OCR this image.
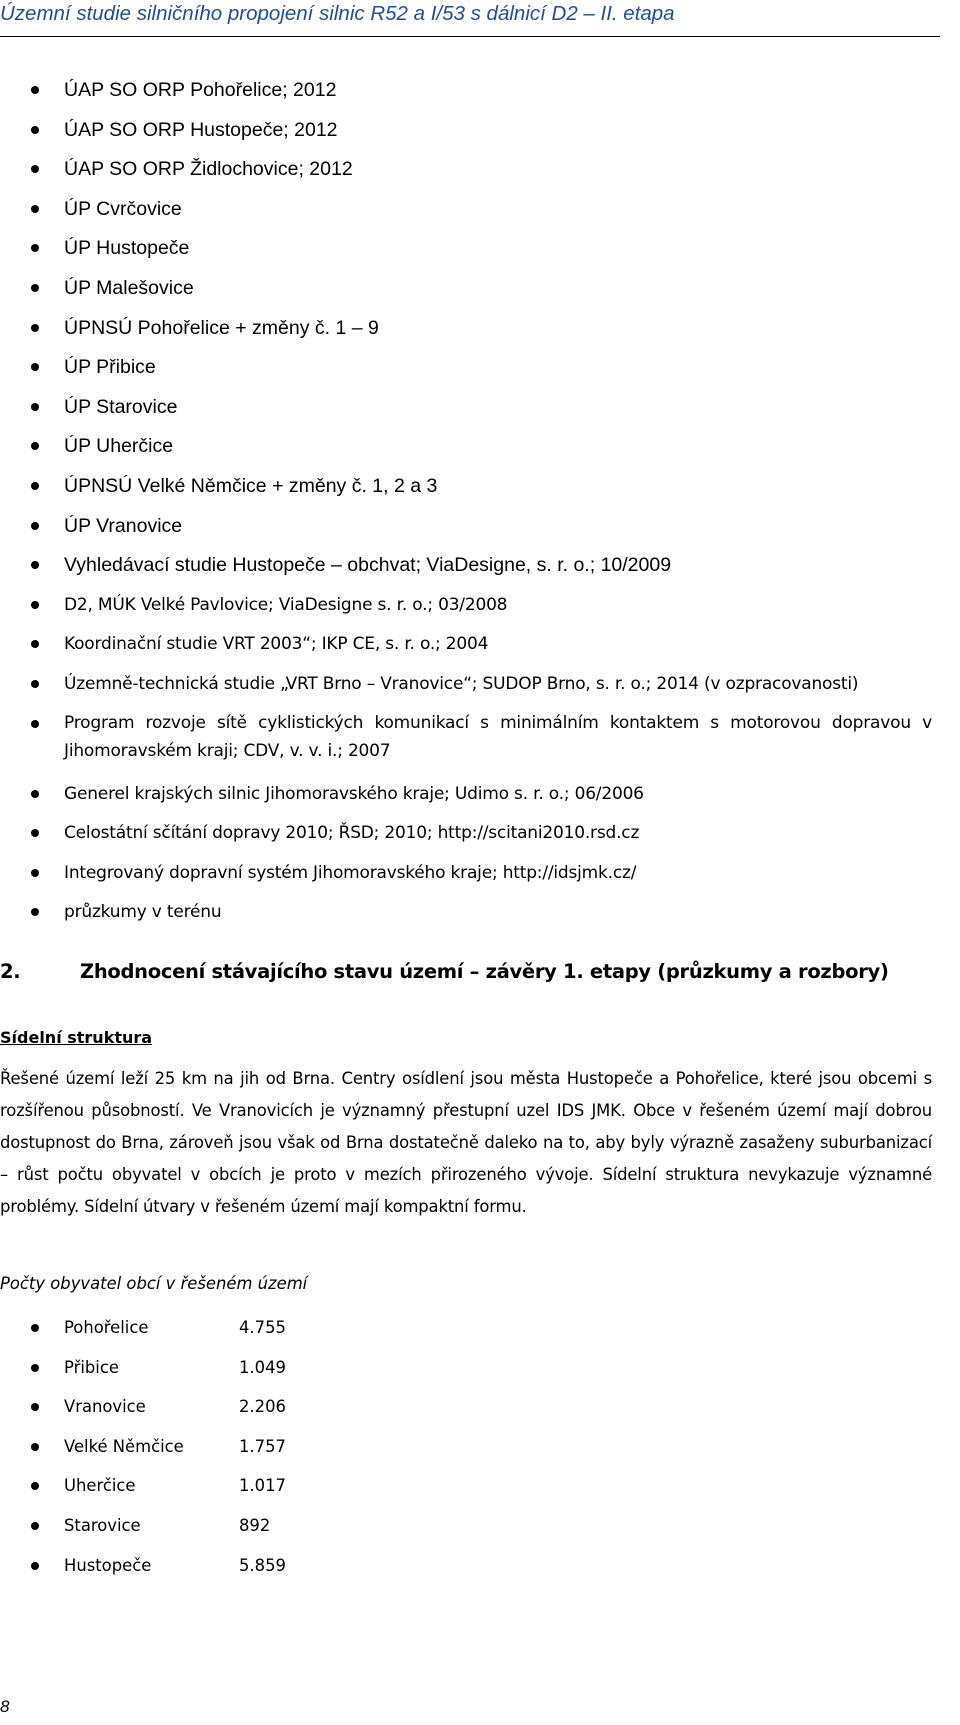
Územní studie silničního propojení silnic R52 a I/53 s dálnicí D2 – II. etapa
ÚAP SO ORP Pohořelice; 2012
ÚAP SO ORP Hustopeče; 2012
ÚAP SO ORP Židlochovice; 2012
ÚP Cvrčovice
ÚP Hustopeče
ÚP Malešovice
ÚPNSÚ Pohořelice + změny č. 1 – 9
ÚP Přibice
ÚP Starovice
ÚP Uherčice
ÚPNSÚ Velké Němčice + změny č. 1, 2 a 3
ÚP Vranovice
Vyhledávací studie Hustopeče – obchvat; ViaDesigne, s. r. o.; 10/2009
D2, MÚK Velké Pavlovice; ViaDesigne s. r. o.; 03/2008
Koordinační studie VRT 2003“; IKP CE, s. r. o.; 2004
Územně-technická studie „VRT Brno – Vranovice“; SUDOP Brno, s. r. o.; 2014 (v ozpracovanosti)
Program rozvoje sítě cyklistických komunikací s minimálním kontaktem s motorovou dopravou v Jihomoravském kraji; CDV, v. v. i.; 2007
Generel krajských silnic Jihomoravského kraje; Udimo s. r. o.; 06/2006
Celostátní sčítání dopravy 2010; ŘSD; 2010; http://scitani2010.rsd.cz
Integrovaný dopravní systém Jihomoravského kraje; http://idsjmk.cz/
průzkumy v terénu
2.	Zhodnocení stávajícího stavu území – závěry 1. etapy (průzkumy a rozbory)
Sídelní struktura
Řešené území leží 25 km na jih od Brna. Centry osídlení jsou města Hustopeče a Pohořelice, které jsou obcemi s rozšířenou působností. Ve Vranovicích je významný přestupní uzel IDS JMK. Obce v řešeném území mají dobrou dostupnost do Brna, zároveň jsou však od Brna dostatečně daleko na to, aby byly výrazně zasaženy suburbanizací – růst počtu obyvatel v obcích je proto v mezích přirozeného vývoje. Sídelní struktura nevykazuje významné problémy. Sídelní útvary v řešeném území mají kompaktní formu.
Počty obyvatel obcí v řešeném území
Pohořelice	4.755
Přibice	1.049
Vranovice	2.206
Velké Němčice	1.757
Uherčice	1.017
Starovice	892
Hustopeče	5.859
8
